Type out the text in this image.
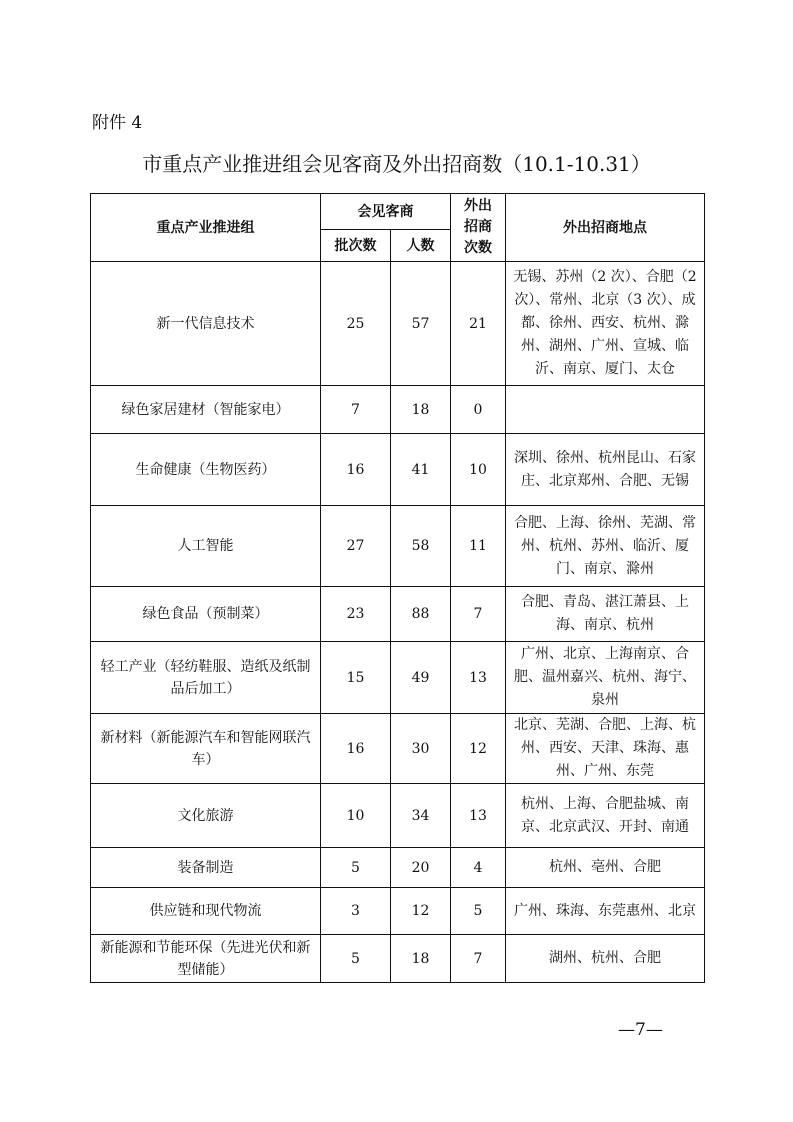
附件 4
市重点产业推进组会见客商及外出招商数（10.1-10.31）
重点产业推进组	会见客商		外出招商次数	外出招商地点
	批次数	人数		
新一代信息技术	25	57	21	无锡、苏州（2 次）、合肥（2 次）、常州、北京（3 次）、成都、徐州、西安、杭州、滁州、湖州、广州、宣城、临沂、南京、厦门、太仓
绿色家居建材（智能家电）	7	18	0	
生命健康（生物医药）	16	41	10	深圳、徐州、杭州昆山、石家庄、北京郑州、合肥、无锡
人工智能	27	58	11	合肥、上海、徐州、芜湖、常州、杭州、苏州、临沂、厦门、南京、滁州
绿色食品（预制菜）	23	88	7	合肥、青岛、湛江萧县、上海、南京、杭州
轻工产业（轻纺鞋服、造纸及纸制品后加工）	15	49	13	广州、北京、上海南京、合肥、温州嘉兴、杭州、海宁、泉州
新材料（新能源汽车和智能网联汽车）	16	30	12	北京、芜湖、合肥、上海、杭州、西安、天津、珠海、惠州、广州、东莞
文化旅游	10	34	13	杭州、上海、合肥盐城、南京、北京武汉、开封、南通
装备制造	5	20	4	杭州、亳州、合肥
供应链和现代物流	3	12	5	广州、珠海、东莞惠州、北京
新能源和节能环保（先进光伏和新型储能）	5	18	7	湖州、杭州、合肥
—7—
